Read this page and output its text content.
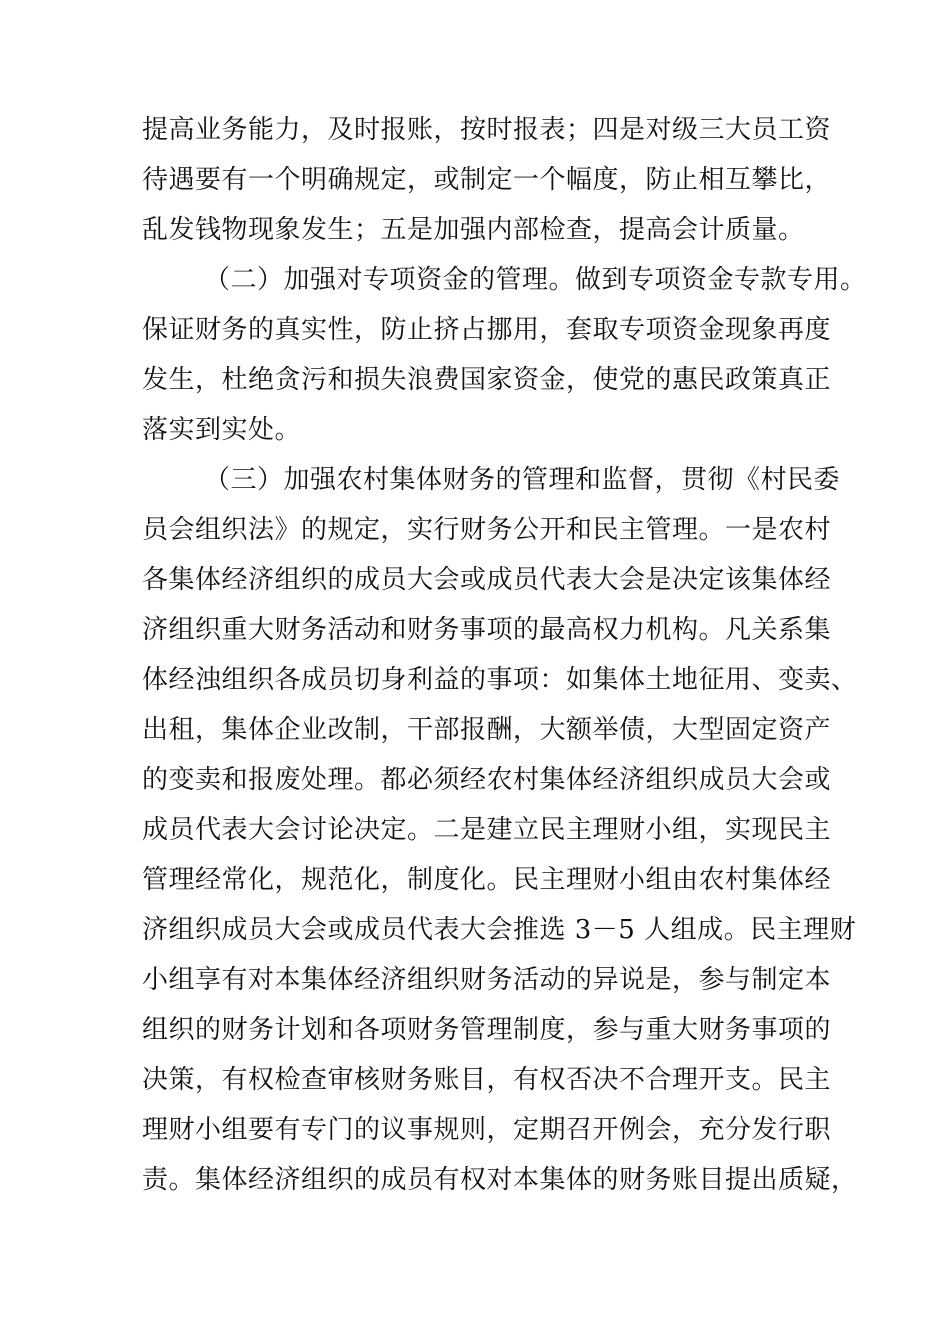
提高业务能力，及时报账，按时报表；四是对级三大员工资
待遇要有一个明确规定，或制定一个幅度，防止相互攀比，
乱发钱物现象发生；五是加强内部检查，提高会计质量。
（二）加强对专项资金的管理。做到专项资金专款专用。
保证财务的真实性，防止挤占挪用，套取专项资金现象再度
发生，杜绝贪污和损失浪费国家资金，使党的惠民政策真正
落实到实处。
（三）加强农村集体财务的管理和监督，贯彻《村民委
员会组织法》的规定，实行财务公开和民主管理。一是农村
各集体经济组织的成员大会或成员代表大会是决定该集体经
济组织重大财务活动和财务事项的最高权力机构。凡关系集
体经浊组织各成员切身利益的事项：如集体土地征用、变卖、
出租，集体企业改制，干部报酬，大额举债，大型固定资产
的变卖和报废处理。都必须经农村集体经济组织成员大会或
成员代表大会讨论决定。二是建立民主理财小组，实现民主
管理经常化，规范化，制度化。民主理财小组由农村集体经
济组织成员大会或成员代表大会推选 3－5 人组成。民主理财
小组享有对本集体经济组织财务活动的异说是，参与制定本
组织的财务计划和各项财务管理制度，参与重大财务事项的
决策，有权检查审核财务账目，有权否决不合理开支。民主
理财小组要有专门的议事规则，定期召开例会，充分发行职
责。集体经济组织的成员有权对本集体的财务账目提出质疑，
